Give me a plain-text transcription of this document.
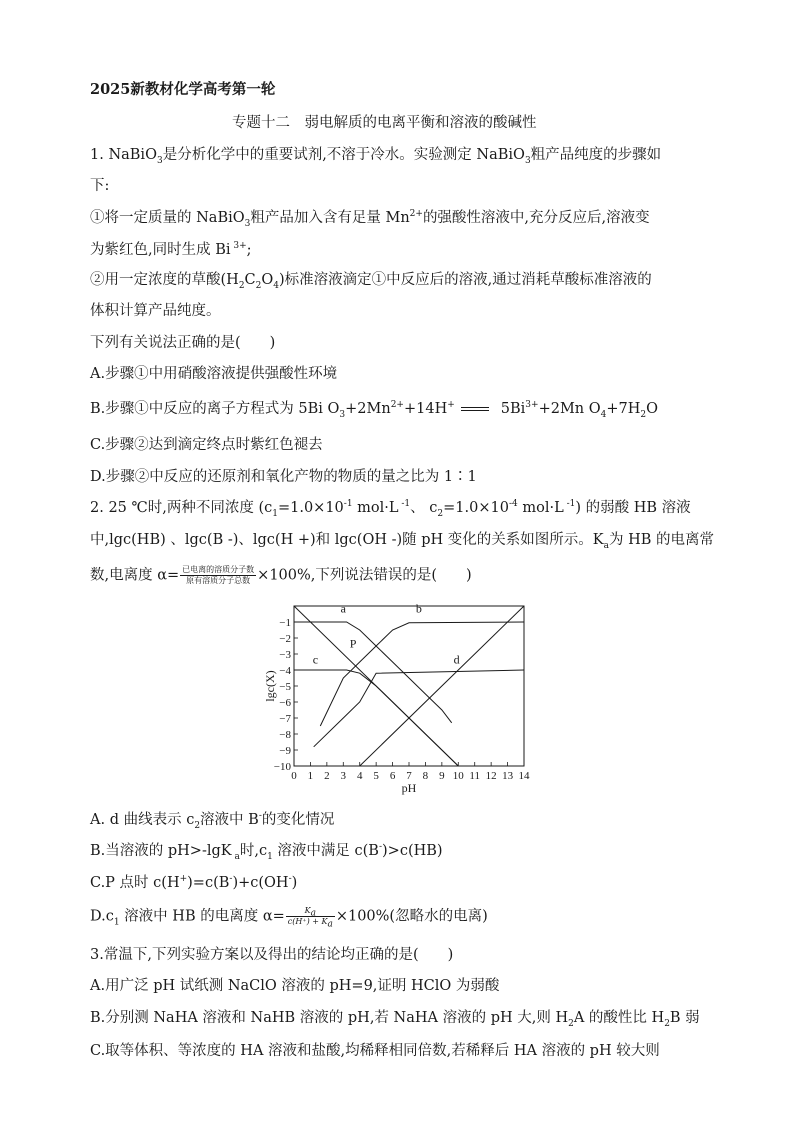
2025新教材化学高考第一轮
专题十二　弱电解质的电离平衡和溶液的酸碱性
1. NaBiO$_3$是分析化学中的重要试剂,不溶于冷水。实验测定 NaBiO$_3$粗产品纯度的步骤如
下:
①将一定质量的 NaBiO$_3$粗产品加入含有足量 $Mn^{2+}$的强酸性溶液中,充分反应后,溶液变
为紫红色,同时生成 Bi $^{3+}$;
②用一定浓度的草酸$(H_2C_2O_4)$标准溶液滴定①中反应后的溶液,通过消耗草酸标准溶液的
体积计算产品纯度。
下列有关说法正确的是(　　)
A.步骤①中用硝酸溶液提供强酸性环境
B.步骤①中反应的离子方程式为 5Bi $O_3+2Mn^{2+}+14H^+$	$5Bi^{3+}+2Mn$ $O_4+7H_2O$
C.步骤②达到滴定终点时紫红色褪去
D.步骤②中反应的还原剂和氧化产物的物质的量之比为 1∶1
2. 25 ℃时,两种不同浓度 ($c_1=1.0\times 10^{-1}$ mol·L $^{-1}$、 $c_2=1.0\times 10^{-4}$ mol·L $^{-1}$) 的弱酸 HB 溶液
中,lgc(HB) 、lgc(B ‑)、lgc(H +)和 lgc(OH ‑)随 pH 变化的关系如图所示。$K_a$为 HB 的电离常
数,电离度 $\alpha= \frac{\text{已电离的溶质分子数}}{\text{原有溶质分子总数}} \times 100\%$,下列说法错误的是(　　)
0 1 2 3 4 5 6 7 8 9 10 11 12 13 14
−1
−2
−3
−4
−5
−6
−7
−8
−9
−10
pH
lgc(X)
a	b
c	d
P
A. d 曲线表示 $c_2$溶液中 B-的变化情况
B.当溶液的 pH>-lgK $_a$时$,c_1$ 溶液中满足 c(B-)>c(HB)
C.P 点时 c(H+)=c(B-)+c(OH-)
$D.c_1$ 溶液中 HB 的电离度 $\alpha= \frac{K_a}{c(H^+) + K_a} \times 100\%$(忽略水的电离)
3.常温下,下列实验方案以及得出的结论均正确的是(　　)
A.用广泛 pH 试纸测 NaClO 溶液的 pH=9,证明 HClO 为弱酸
B.分别测 NaHA 溶液和 NaHB 溶液的 pH,若 NaHA 溶液的 pH 大,则 $H_2A$ 的酸性比 $H_2B$ 弱
C.取等体积、等浓度的 HA 溶液和盐酸,均稀释相同倍数,若稀释后 HA 溶液的 pH 较大则
